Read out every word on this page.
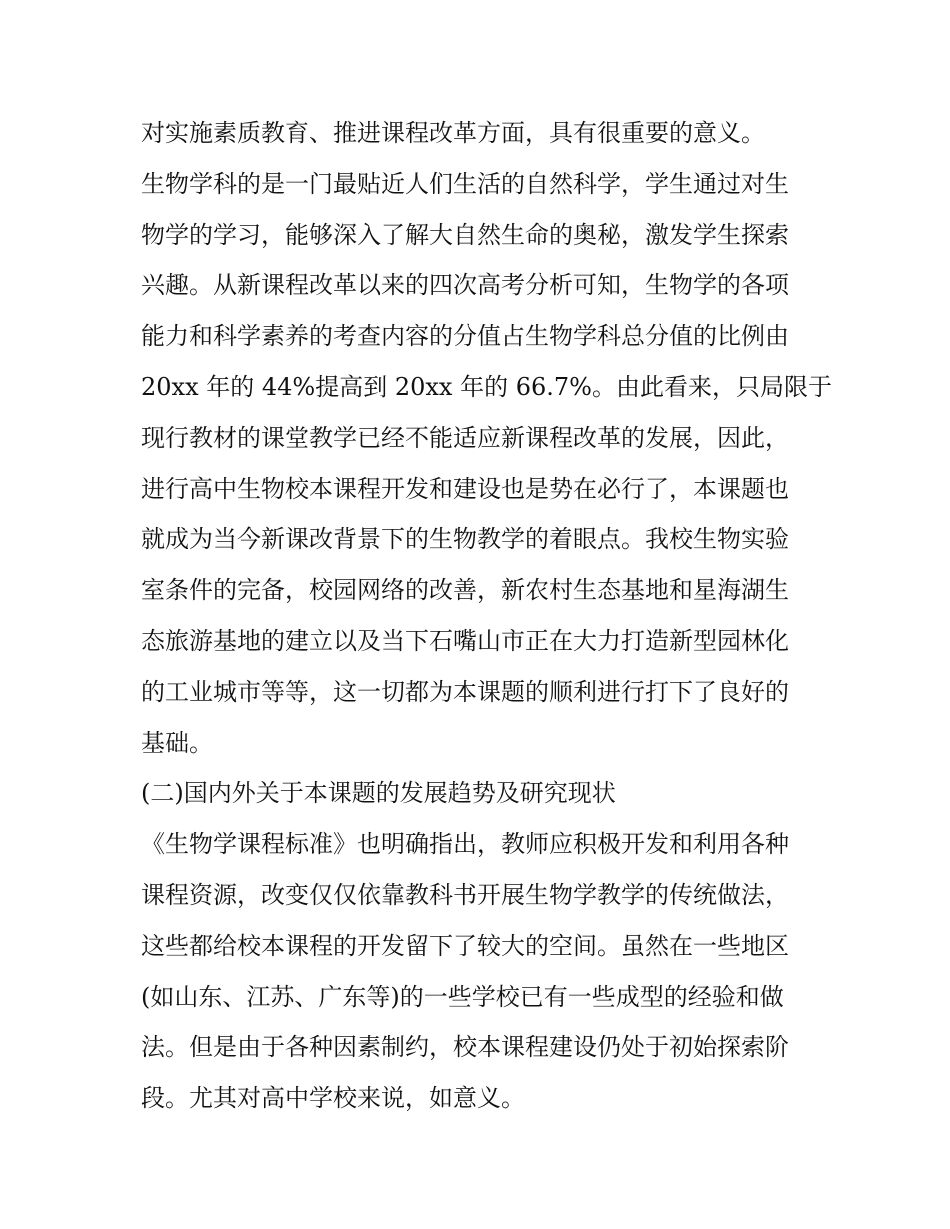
对实施素质教育、推进课程改革方面，具有很重要的意义。
生物学科的是一门最贴近人们生活的自然科学，学生通过对生
物学的学习，能够深入了解大自然生命的奥秘，激发学生探索
兴趣。从新课程改革以来的四次高考分析可知，生物学的各项
能力和科学素养的考查内容的分值占生物学科总分值的比例由
20xx 年的 44%提高到 20xx 年的 66.7%。由此看来，只局限于
现行教材的课堂教学已经不能适应新课程改革的发展，因此，
进行高中生物校本课程开发和建设也是势在必行了，本课题也
就成为当今新课改背景下的生物教学的着眼点。我校生物实验
室条件的完备，校园网络的改善，新农村生态基地和星海湖生
态旅游基地的建立以及当下石嘴山市正在大力打造新型园林化
的工业城市等等，这一切都为本课题的顺利进行打下了良好的
基础。
(二)国内外关于本课题的发展趋势及研究现状
《生物学课程标准》也明确指出，教师应积极开发和利用各种
课程资源，改变仅仅依靠教科书开展生物学教学的传统做法，
这些都给校本课程的开发留下了较大的空间。虽然在一些地区
(如山东、江苏、广东等)的一些学校已有一些成型的经验和做
法。但是由于各种因素制约，校本课程建设仍处于初始探索阶
段。尤其对高中学校来说，如意义。
